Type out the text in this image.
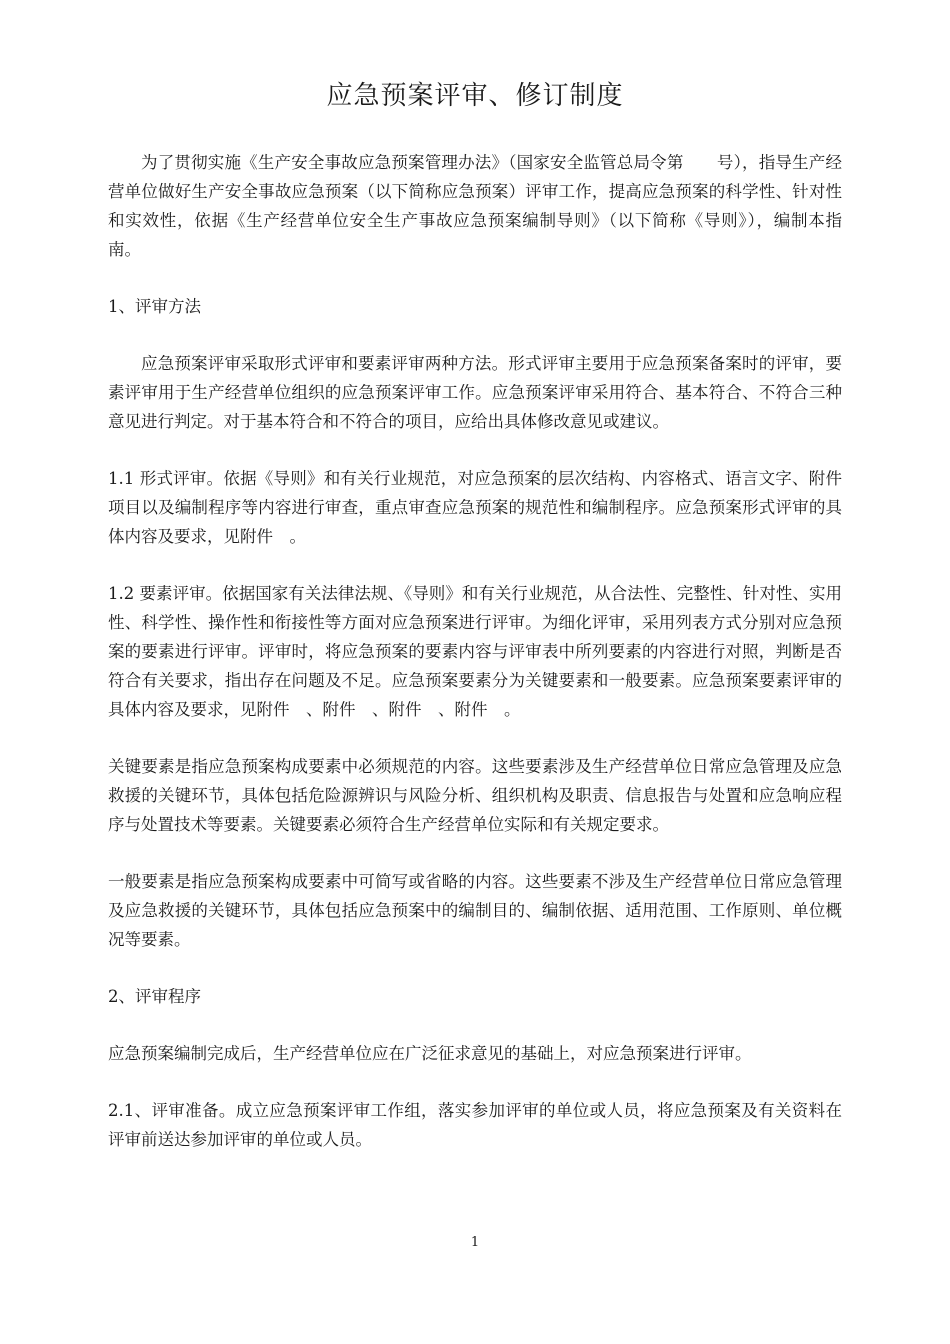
应急预案评审、修订制度
为了贯彻实施《生产安全事故应急预案管理办法》（国家安全监管总局令第　　号），指导生产经营单位做好生产安全事故应急预案（以下简称应急预案）评审工作，提高应急预案的科学性、针对性和实效性，依据《生产经营单位安全生产事故应急预案编制导则》（以下简称《导则》），编制本指南。
1、评审方法
应急预案评审采取形式评审和要素评审两种方法。形式评审主要用于应急预案备案时的评审，要素评审用于生产经营单位组织的应急预案评审工作。应急预案评审采用符合、基本符合、不符合三种意见进行判定。对于基本符合和不符合的项目，应给出具体修改意见或建议。
1.1 形式评审。依据《导则》和有关行业规范，对应急预案的层次结构、内容格式、语言文字、附件项目以及编制程序等内容进行审查，重点审查应急预案的规范性和编制程序。应急预案形式评审的具体内容及要求，见附件　。
1.2 要素评审。依据国家有关法律法规、《导则》和有关行业规范，从合法性、完整性、针对性、实用性、科学性、操作性和衔接性等方面对应急预案进行评审。为细化评审，采用列表方式分别对应急预案的要素进行评审。评审时，将应急预案的要素内容与评审表中所列要素的内容进行对照，判断是否符合有关要求，指出存在问题及不足。应急预案要素分为关键要素和一般要素。应急预案要素评审的具体内容及要求，见附件　、附件　、附件　、附件　。
关键要素是指应急预案构成要素中必须规范的内容。这些要素涉及生产经营单位日常应急管理及应急救援的关键环节，具体包括危险源辨识与风险分析、组织机构及职责、信息报告与处置和应急响应程序与处置技术等要素。关键要素必须符合生产经营单位实际和有关规定要求。
一般要素是指应急预案构成要素中可简写或省略的内容。这些要素不涉及生产经营单位日常应急管理及应急救援的关键环节，具体包括应急预案中的编制目的、编制依据、适用范围、工作原则、单位概况等要素。
2、评审程序
应急预案编制完成后，生产经营单位应在广泛征求意见的基础上，对应急预案进行评审。
2.1、评审准备。成立应急预案评审工作组，落实参加评审的单位或人员，将应急预案及有关资料在评审前送达参加评审的单位或人员。
1
